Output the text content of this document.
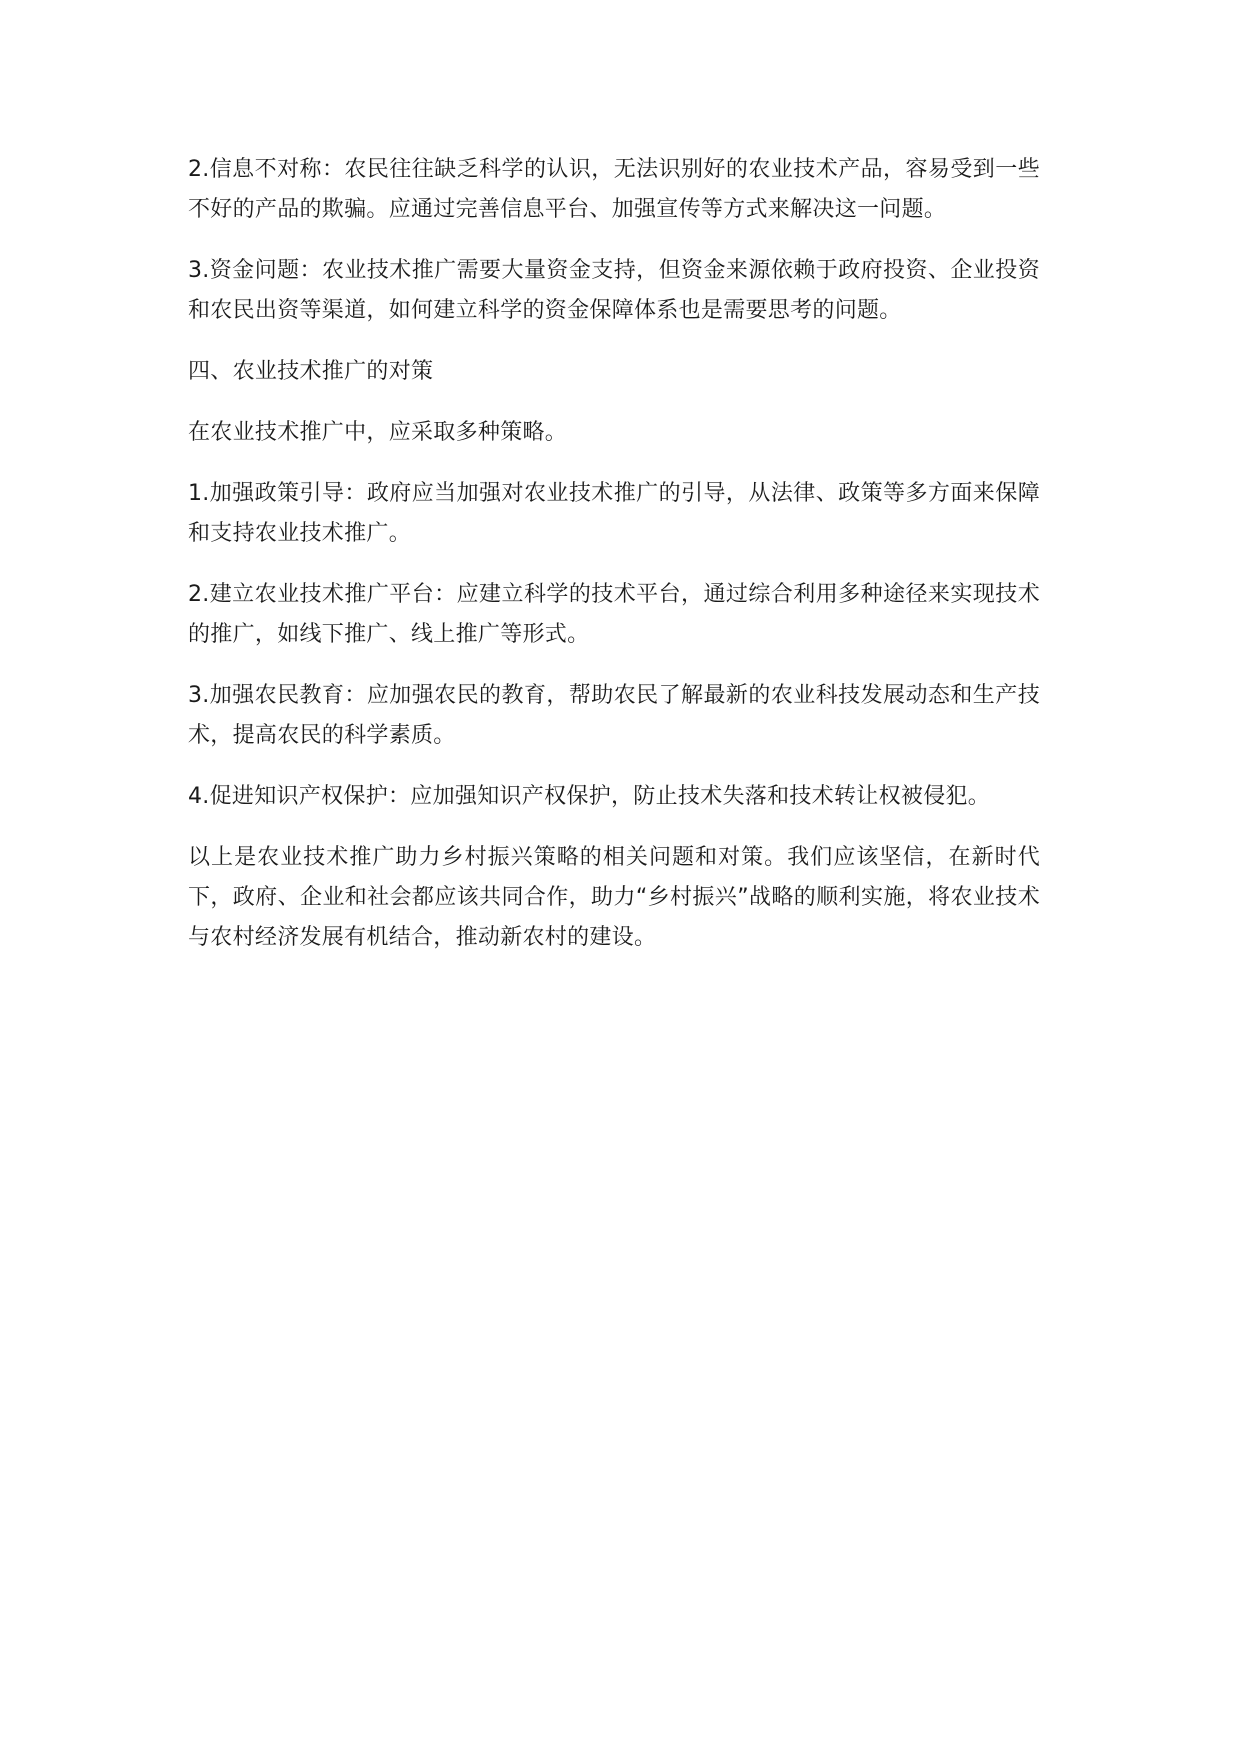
2.信息不对称：农民往往缺乏科学的认识，无法识别好的农业技术产品，容易受到一些不好的产品的欺骗。应通过完善信息平台、加强宣传等方式来解决这一问题。

3.资金问题：农业技术推广需要大量资金支持，但资金来源依赖于政府投资、企业投资和农民出资等渠道，如何建立科学的资金保障体系也是需要思考的问题。

四、农业技术推广的对策

在农业技术推广中，应采取多种策略。

1.加强政策引导：政府应当加强对农业技术推广的引导，从法律、政策等多方面来保障和支持农业技术推广。

2.建立农业技术推广平台：应建立科学的技术平台，通过综合利用多种途径来实现技术的推广，如线下推广、线上推广等形式。

3.加强农民教育：应加强农民的教育，帮助农民了解最新的农业科技发展动态和生产技术，提高农民的科学素质。

4.促进知识产权保护：应加强知识产权保护，防止技术失落和技术转让权被侵犯。

以上是农业技术推广助力乡村振兴策略的相关问题和对策。我们应该坚信，在新时代下，政府、企业和社会都应该共同合作，助力“乡村振兴”战略的顺利实施，将农业技术与农村经济发展有机结合，推动新农村的建设。
